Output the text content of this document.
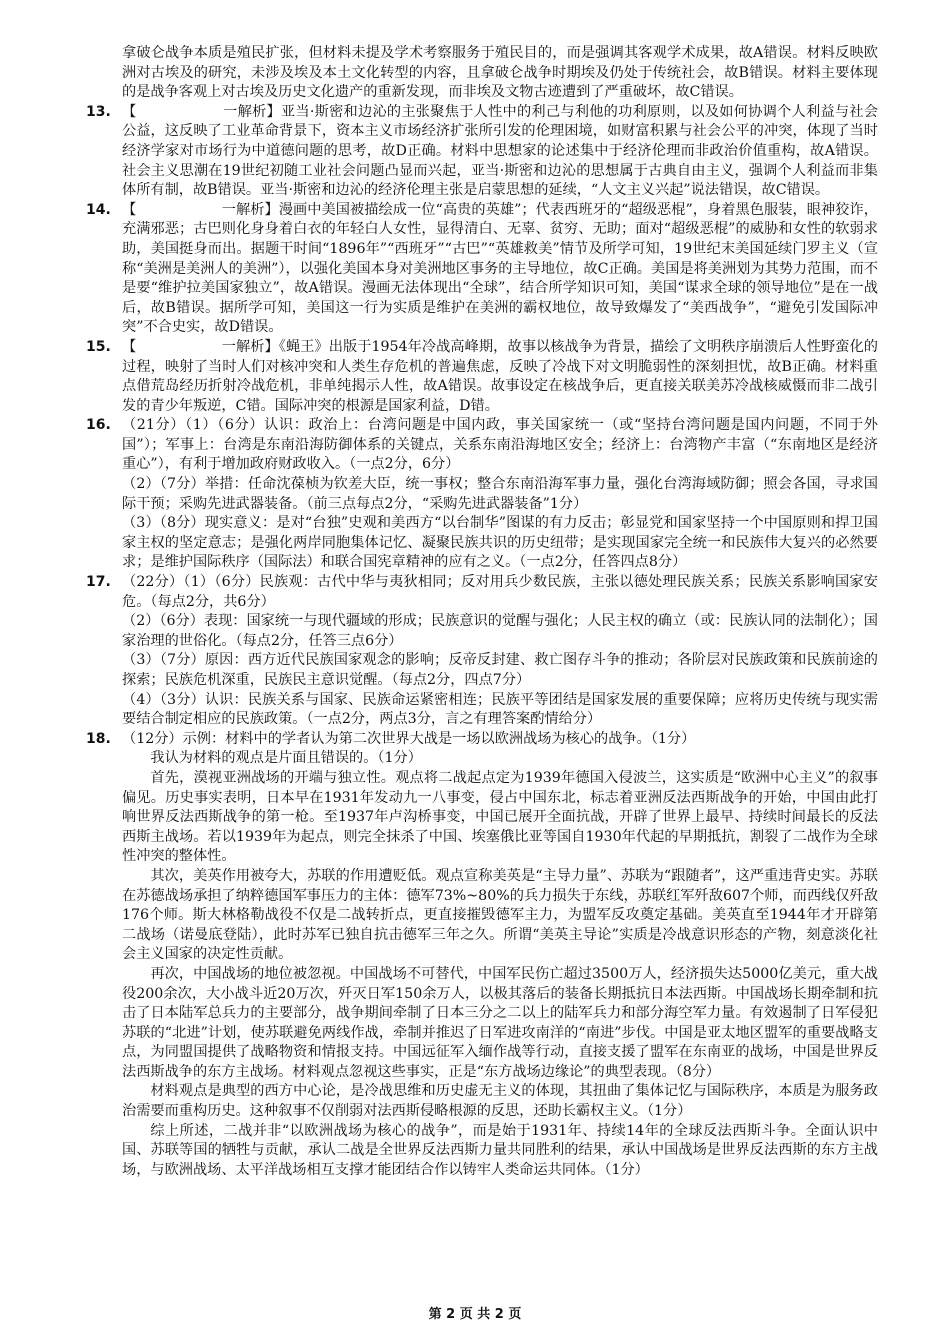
拿破仑战争本质是殖民扩张，但材料未提及学术考察服务于殖民目的，而是强调其客观学术成果，故A错误。材料反映欧洲对古埃及的研究，未涉及埃及本土文化转型的内容，且拿破仑战争时期埃及仍处于传统社会，故B错误。材料主要体现的是战争客观上对古埃及历史文化遗产的重新发现，而非埃及文物古迹遭到了严重破坏，故C错误。

13. 【　　　　　　一解析】亚当·斯密和边沁的主张聚焦于人性中的利己与利他的功利原则，以及如何协调个人利益与社会公益，这反映了工业革命背景下，资本主义市场经济扩张所引发的伦理困境，如财富积累与社会公平的冲突，体现了当时经济学家对市场行为中道德问题的思考，故D正确。材料中思想家的论述集中于经济伦理而非政治价值重构，故A错误。社会主义思潮在19世纪初随工业社会问题凸显而兴起，亚当·斯密和边沁的思想属于古典自由主义，强调个人利益而非集体所有制，故B错误。亚当·斯密和边沁的经济伦理主张是启蒙思想的延续，“人文主义兴起”说法错误，故C错误。

14. 【　　　　　　一解析】漫画中美国被描绘成一位“高贵的英雄”；代表西班牙的“超级恶棍”，身着黑色服装，眼神狡诈，充满邪恶；古巴则化身身着白衣的年轻白人女性，显得清白、无辜、贫穷、无助；面对“超级恶棍”的威胁和女性的软弱求助，美国挺身而出。据题干时间“1896年”“西班牙”“古巴”“英雄救美”情节及所学可知，19世纪末美国延续门罗主义（宣称“美洲是美洲人的美洲”），以强化美国本身对美洲地区事务的主导地位，故C正确。美国是将美洲划为其势力范围，而不是要“维护拉美国家独立”，故A错误。漫画无法体现出“全球”，结合所学知识可知，美国“谋求全球的领导地位”是在一战后，故B错误。据所学可知，美国这一行为实质是维护在美洲的霸权地位，故导致爆发了“美西战争”，“避免引发国际冲突”不合史实，故D错误。

15. 【　　　　　　一解析】《蝇王》出版于1954年冷战高峰期，故事以核战争为背景，描绘了文明秩序崩溃后人性野蛮化的过程，映射了当时人们对核冲突和人类生存危机的普遍焦虑，反映了冷战下对文明脆弱性的深刻担忧，故B正确。材料重点借荒岛经历折射冷战危机，非单纯揭示人性，故A错误。故事设定在核战争后，更直接关联美苏冷战核威慑而非二战引发的青少年叛逆，C错。国际冲突的根源是国家利益，D错。

16. （21分）（1）（6分）认识：政治上：台湾问题是中国内政，事关国家统一（或“坚持台湾问题是国内问题，不同于外国”）；军事上：台湾是东南沿海防御体系的关键点，关系东南沿海地区安全；经济上：台湾物产丰富（“东南地区是经济重心”），有利于增加政府财政收入。（一点2分，6分）

（2）（7分）举措：任命沈葆桢为钦差大臣，统一事权；整合东南沿海军事力量，强化台湾海域防御；照会各国，寻求国际干预；采购先进武器装备。（前三点每点2分，“采购先进武器装备”1分）

（3）（8分）现实意义：是对“台独”史观和美西方“以台制华”图谋的有力反击；彰显党和国家坚持一个中国原则和捍卫国家主权的坚定意志；是强化两岸同胞集体记忆、凝聚民族共识的历史纽带；是实现国家完全统一和民族伟大复兴的必然要求；是维护国际秩序（国际法）和联合国宪章精神的应有之义。（一点2分，任答四点8分）

17. （22分）（1）（6分）民族观：古代中华与夷狄相同；反对用兵少数民族，主张以德处理民族关系；民族关系影响国家安危。（每点2分，共6分）

（2）（6分）表现：国家统一与现代疆域的形成；民族意识的觉醒与强化；人民主权的确立（或：民族认同的法制化）；国家治理的世俗化。（每点2分，任答三点6分）

（3）（7分）原因：西方近代民族国家观念的影响；反帝反封建、救亡图存斗争的推动；各阶层对民族政策和民族前途的探索；民族危机深重，民族民主意识觉醒。（每点2分，四点7分）

（4）（3分）认识：民族关系与国家、民族命运紧密相连；民族平等团结是国家发展的重要保障；应将历史传统与现实需要结合制定相应的民族政策。（一点2分，两点3分，言之有理答案酌情给分）

18. （12分）示例：材料中的学者认为第二次世界大战是一场以欧洲战场为核心的战争。（1分）

我认为材料的观点是片面且错误的。（1分）

首先，漠视亚洲战场的开端与独立性。观点将二战起点定为1939年德国入侵波兰，这实质是“欧洲中心主义”的叙事偏见。历史事实表明，日本早在1931年发动九一八事变，侵占中国东北，标志着亚洲反法西斯战争的开始，中国由此打响世界反法西斯战争的第一枪。至1937年卢沟桥事变，中国已展开全面抗战，开辟了世界上最早、持续时间最长的反法西斯主战场。若以1939年为起点，则完全抹杀了中国、埃塞俄比亚等国自1930年代起的早期抵抗，割裂了二战作为全球性冲突的整体性。

其次，美英作用被夸大，苏联的作用遭贬低。观点宣称美英是“主导力量”、苏联为“跟随者”，这严重违背史实。苏联在苏德战场承担了纳粹德国军事压力的主体：德军73%~80%的兵力损失于东线，苏联红军歼敌607个师，而西线仅歼敌176个师。斯大林格勒战役不仅是二战转折点，更直接摧毁德军主力，为盟军反攻奠定基础。美英直至1944年才开辟第二战场（诺曼底登陆），此时苏军已独自抗击德军三年之久。所谓“美英主导论”实质是冷战意识形态的产物，刻意淡化社会主义国家的决定性贡献。

再次，中国战场的地位被忽视。中国战场不可替代，中国军民伤亡超过3500万人，经济损失达5000亿美元，重大战役200余次，大小战斗近20万次，歼灭日军150余万人，以极其落后的装备长期抵抗日本法西斯。中国战场长期牵制和抗击了日本陆军总兵力的主要部分，战争期间牵制了日本三分之二以上的陆军兵力和部分海空军力量。有效遏制了日军侵犯苏联的“北进”计划，使苏联避免两线作战，牵制并推迟了日军进攻南洋的“南进”步伐。中国是亚太地区盟军的重要战略支点，为同盟国提供了战略物资和情报支持。中国远征军入缅作战等行动，直接支援了盟军在东南亚的战场，中国是世界反法西斯战争的东方主战场。材料观点忽视这些事实，正是“东方战场边缘论”的典型表现。（8分）

材料观点是典型的西方中心论，是冷战思维和历史虚无主义的体现，其扭曲了集体记忆与国际秩序，本质是为服务政治需要而重构历史。这种叙事不仅削弱对法西斯侵略根源的反思，还助长霸权主义。（1分）

综上所述，二战并非“以欧洲战场为核心的战争”，而是始于1931年、持续14年的全球反法西斯斗争。全面认识中国、苏联等国的牺牲与贡献，承认二战是全世界反法西斯力量共同胜利的结果，承认中国战场是世界反法西斯的东方主战场，与欧洲战场、太平洋战场相互支撑才能团结合作以铸牢人类命运共同体。（1分）

第 2 页 共 2 页
